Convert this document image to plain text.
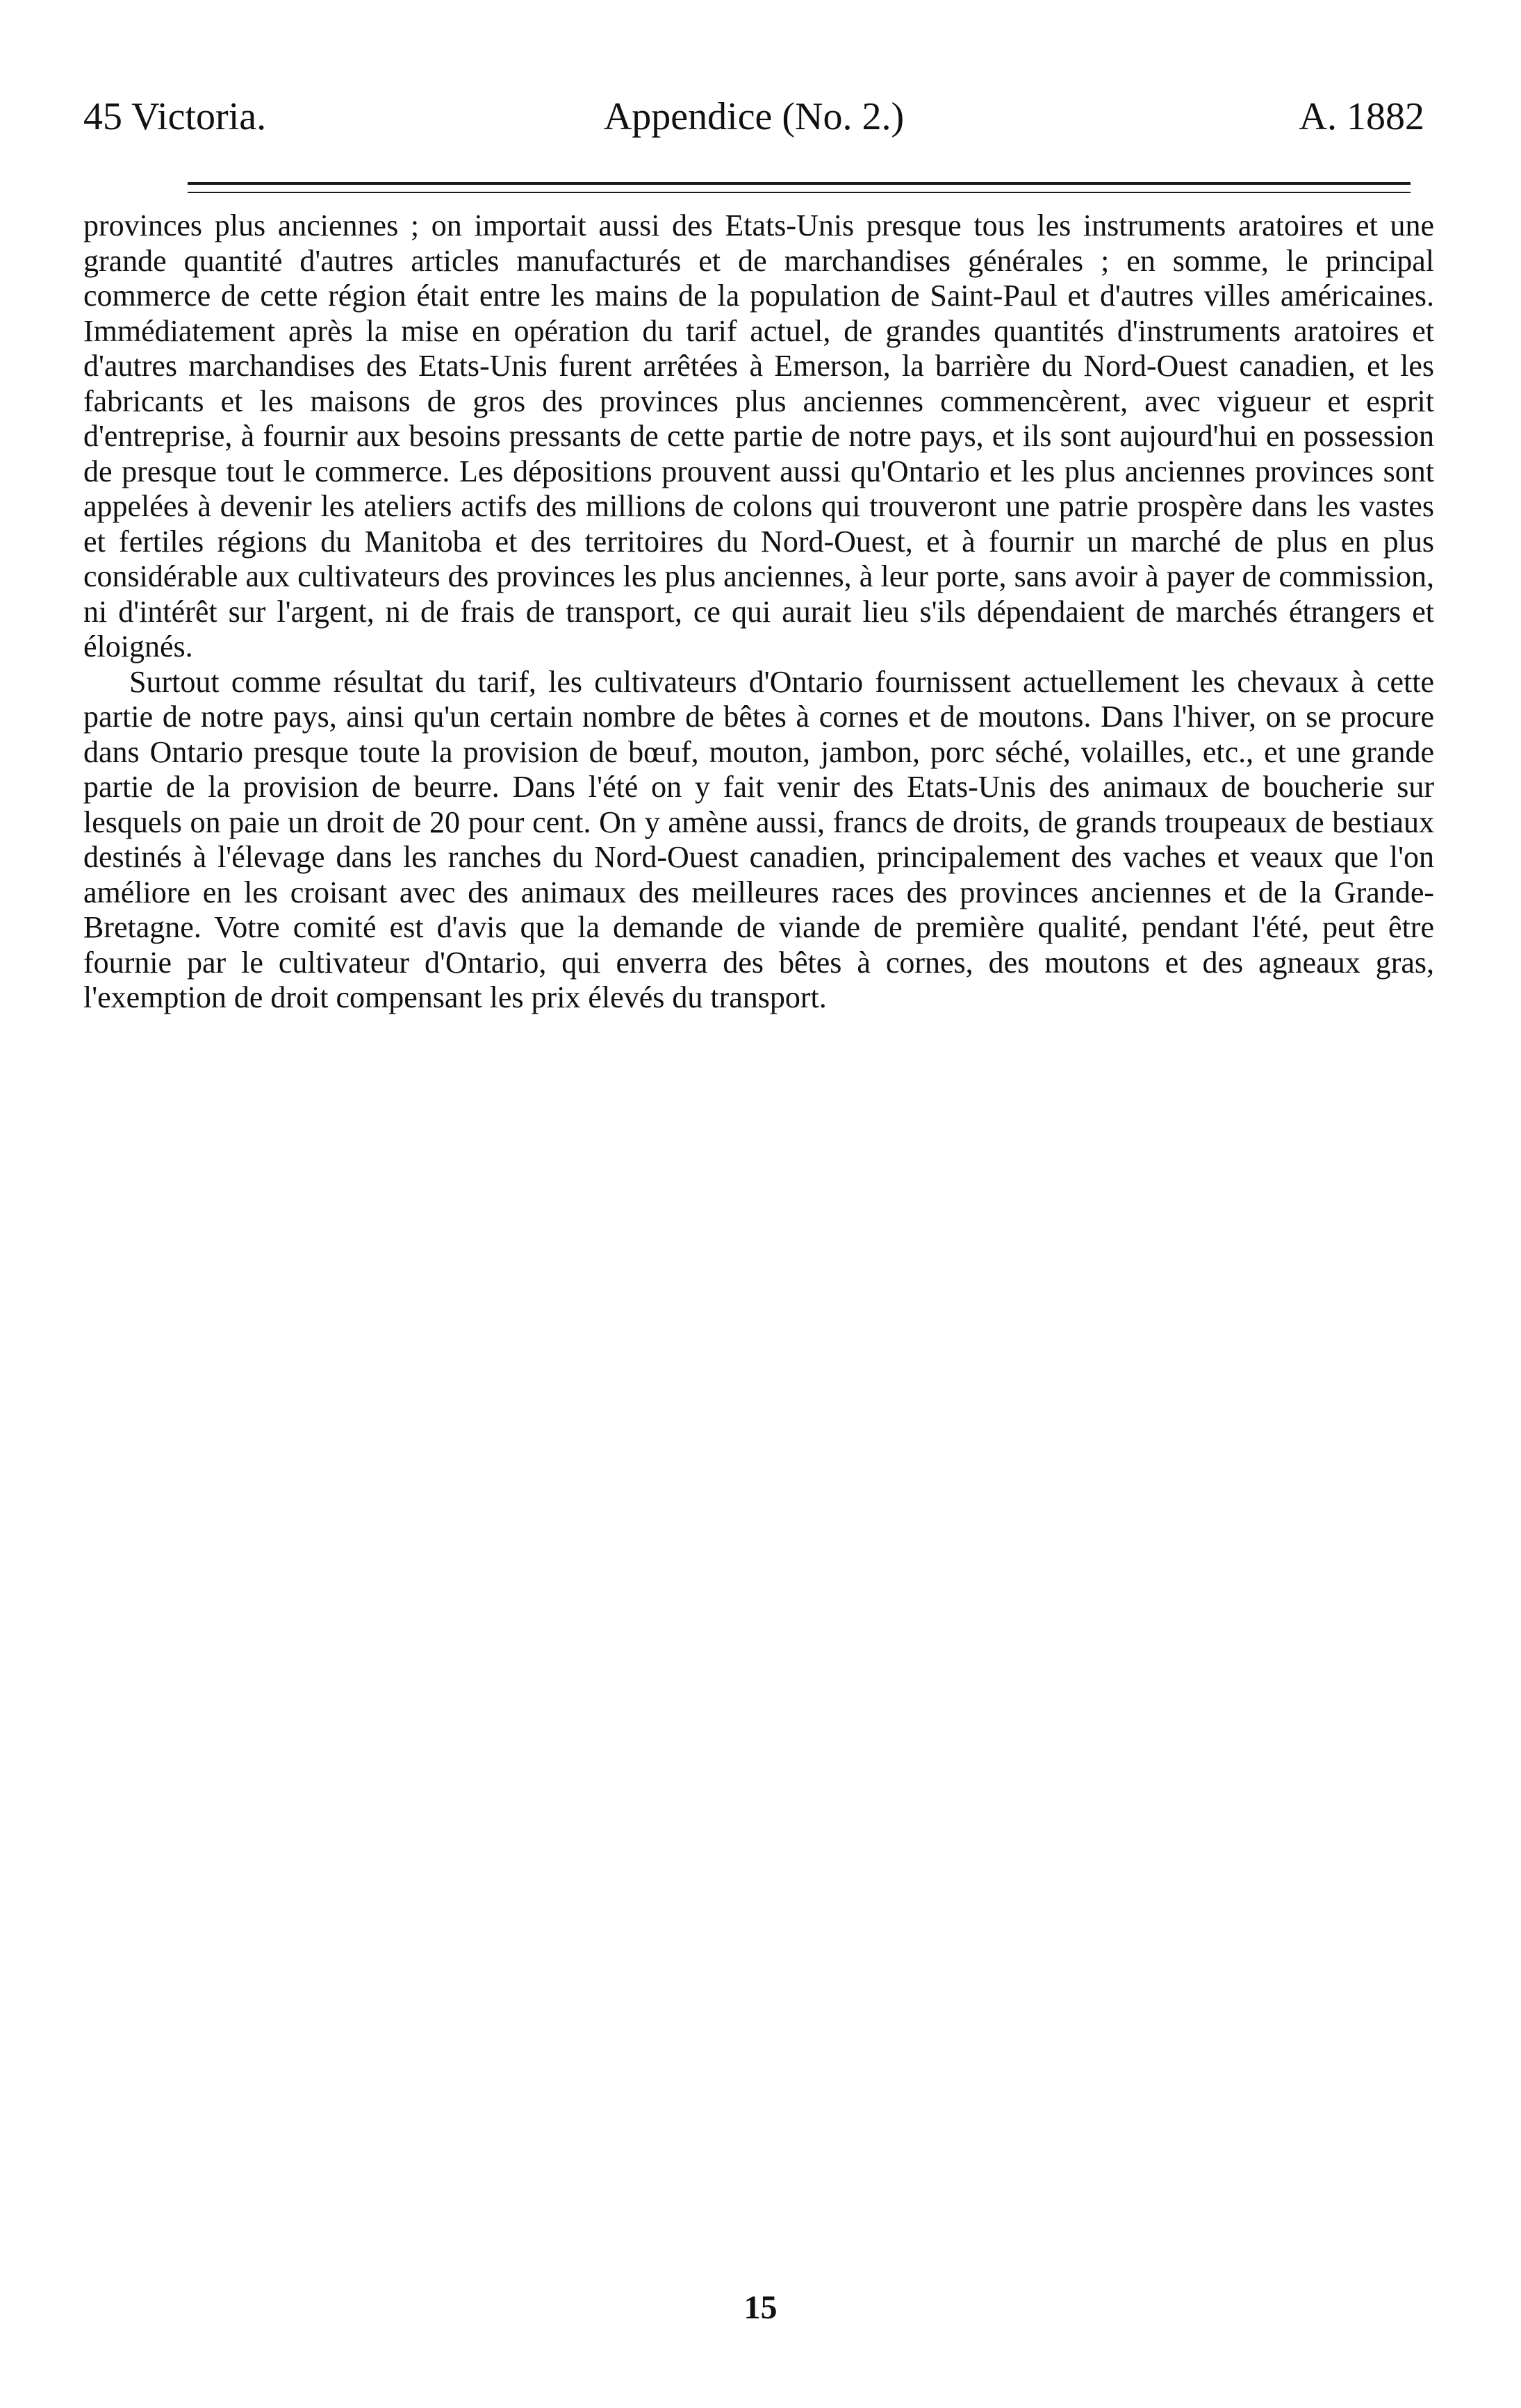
Appendice (No. 2.)
45 Victoria.	A. 1882

provinces plus anciennes ; on importait aussi des Etats-Unis presque tous les instruments aratoires et une grande quantité d'autres articles manufacturés et de marchandises générales ; en somme, le principal commerce de cette région était entre les mains de la population de Saint-Paul et d'autres villes américaines. Immédiatement après la mise en opération du tarif actuel, de grandes quantités d'instruments aratoires et d'autres marchandises des Etats-Unis furent arrêtées à Emerson, la barrière du Nord-Ouest canadien, et les fabricants et les maisons de gros des provinces plus anciennes commencèrent, avec vigueur et esprit d'entreprise, à fournir aux besoins pressants de cette partie de notre pays, et ils sont aujourd'hui en possession de presque tout le commerce. Les dépositions prouvent aussi qu'Ontario et les plus anciennes provinces sont appelées à devenir les ateliers actifs des millions de colons qui trouveront une patrie prospère dans les vastes et fertiles régions du Manitoba et des territoires du Nord-Ouest, et à fournir un marché de plus en plus considérable aux cultivateurs des provinces les plus anciennes, à leur porte, sans avoir à payer de commission, ni d'intérêt sur l'argent, ni de frais de transport, ce qui aurait lieu s'ils dépendaient de marchés étrangers et éloignés.

Surtout comme résultat du tarif, les cultivateurs d'Ontario fournissent actuellement les chevaux à cette partie de notre pays, ainsi qu'un certain nombre de bêtes à cornes et de moutons. Dans l'hiver, on se procure dans Ontario presque toute la provision de bœuf, mouton, jambon, porc séché, volailles, etc., et une grande partie de la provision de beurre. Dans l'été on y fait venir des Etats-Unis des animaux de boucherie sur lesquels on paie un droit de 20 pour cent. On y amène aussi, francs de droits, de grands troupeaux de bestiaux destinés à l'élevage dans les ranches du Nord-Ouest canadien, principalement des vaches et veaux que l'on améliore en les croisant avec des animaux des meilleures races des provinces anciennes et de la Grande-Bretagne. Votre comité est d'avis que la demande de viande de première qualité, pendant l'été, peut être fournie par le cultivateur d'Ontario, qui enverra des bêtes à cornes, des moutons et des agneaux gras, l'exemption de droit compensant les prix élevés du transport.

15
